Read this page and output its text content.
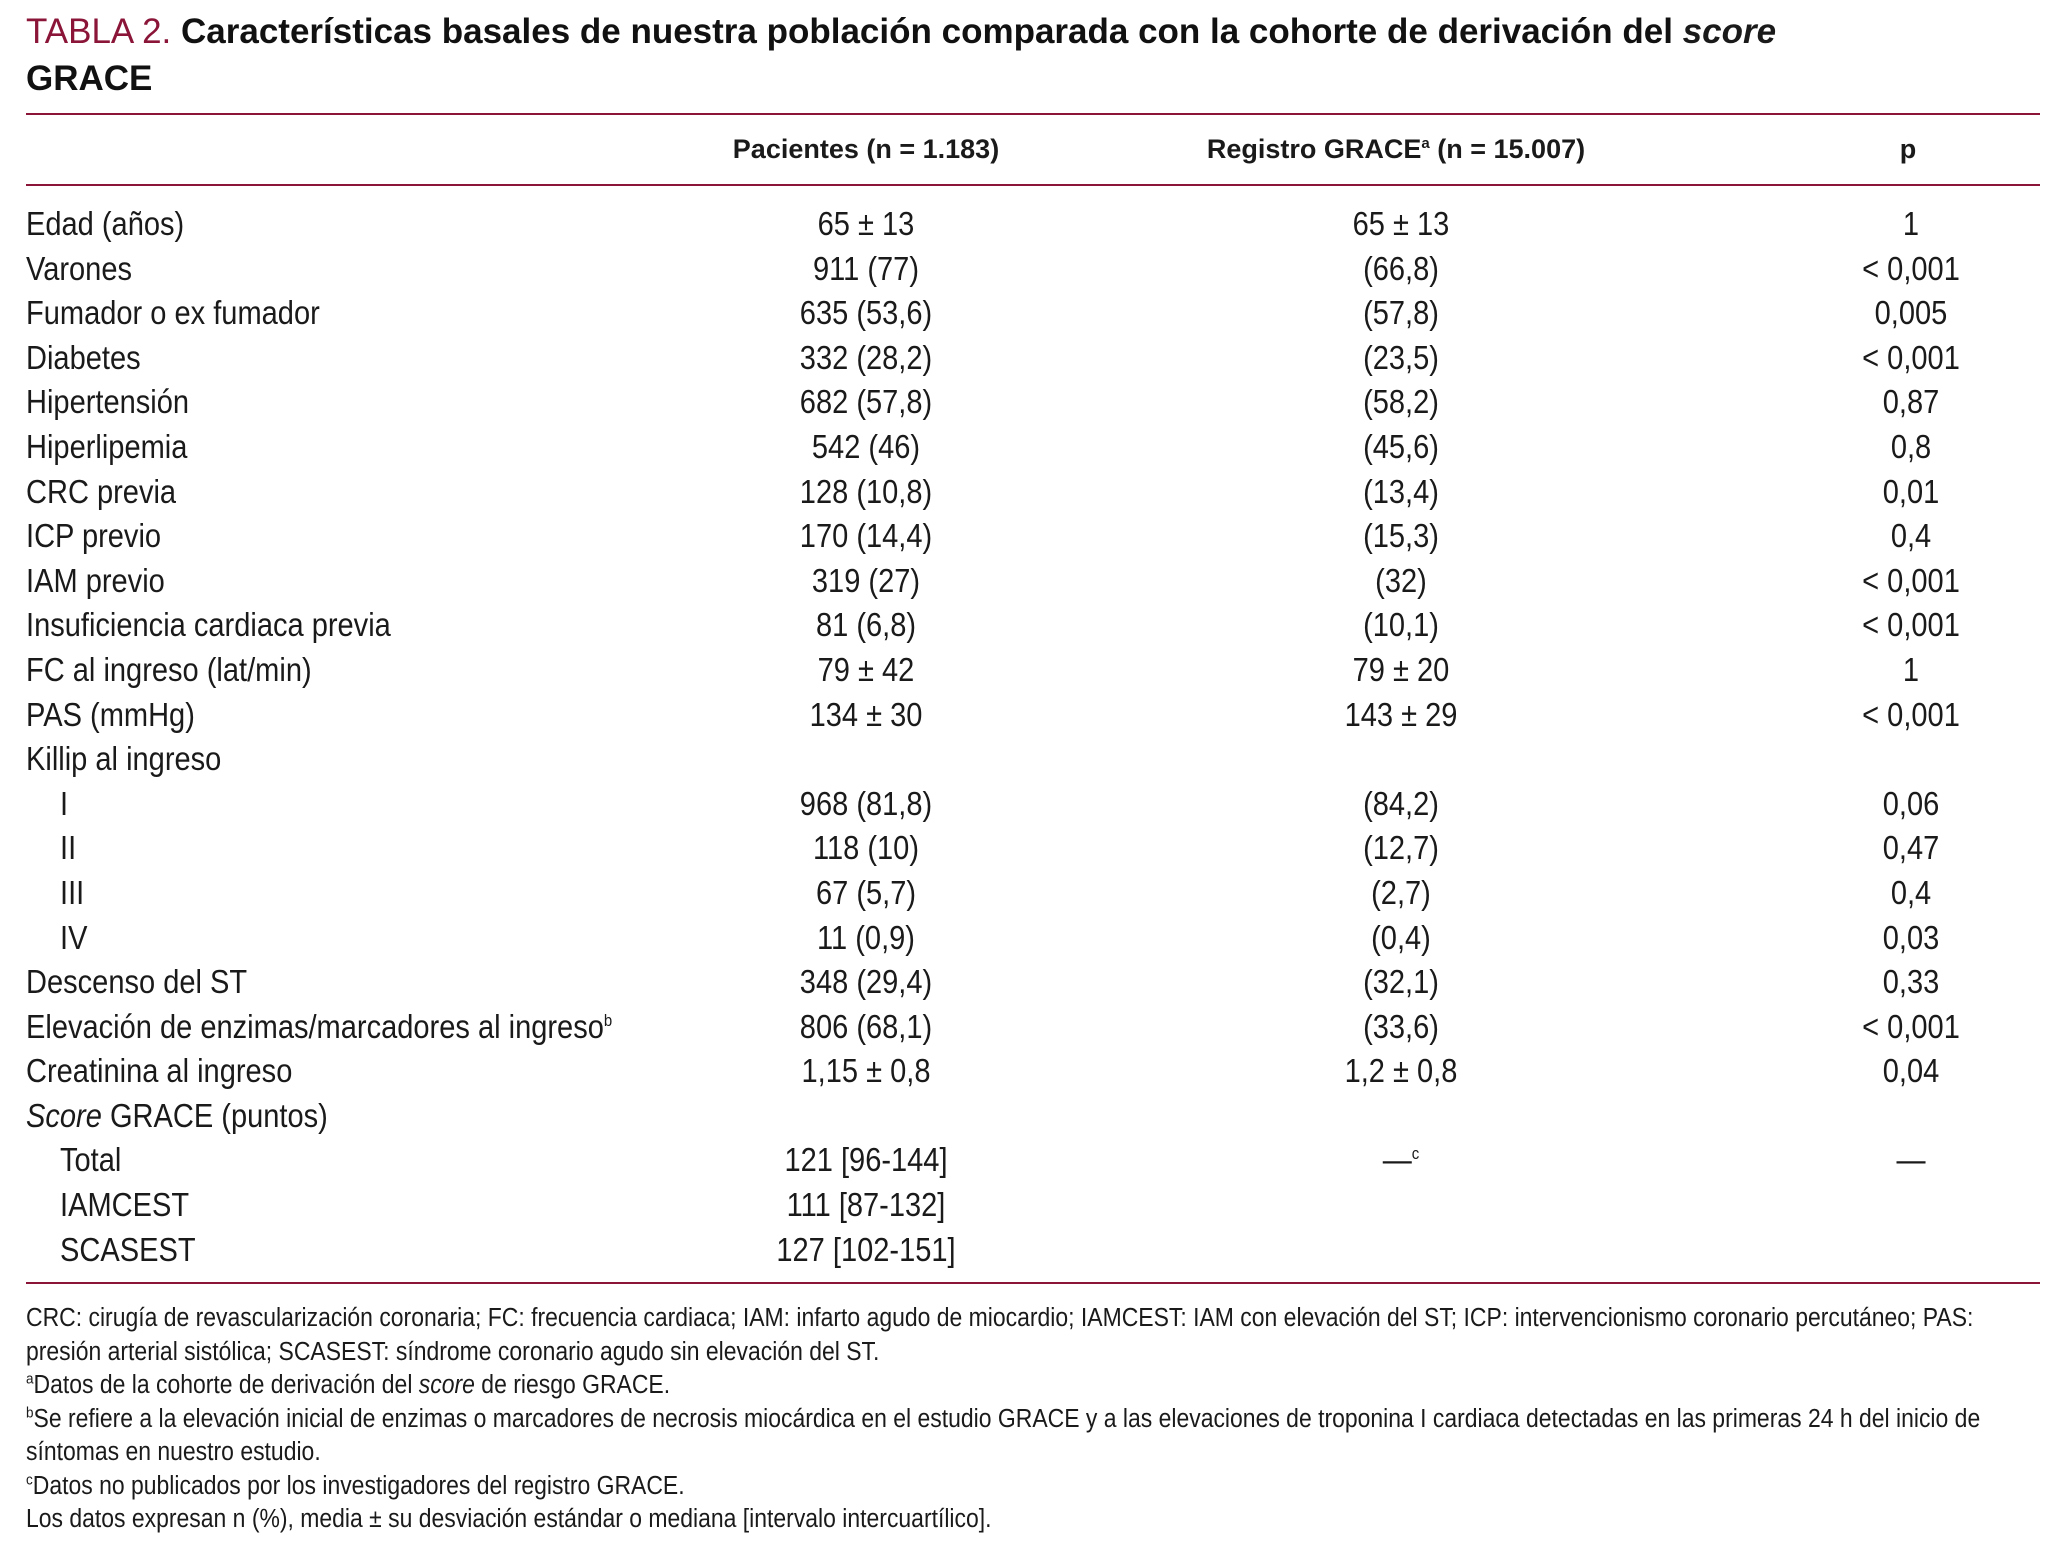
TABLA 2. Características basales de nuestra población comparada con la cohorte de derivación del score
GRACE
Pacientes (n = 1.183)	Registro GRACE$^a$ (n = 15.007)	p
Edad (años)	65 ± 13	65 ± 13	1
Varones	911 (77)	(66,8)	< 0,001
Fumador o ex fumador	635 (53,6)	(57,8)	0,005
Diabetes	332 (28,2)	(23,5)	< 0,001
Hipertensión	682 (57,8)	(58,2)	0,87
Hiperlipemia	542 (46)	(45,6)	0,8
CRC previa	128 (10,8)	(13,4)	0,01
ICP previo	170 (14,4)	(15,3)	0,4
IAM previo	319 (27)	(32)	< 0,001
Insuficiencia cardiaca previa	81 (6,8)	(10,1)	< 0,001
FC al ingreso (lat/min)	79 ± 42	79 ± 20	1
PAS (mmHg)	134 ± 30	143 ± 29	< 0,001
Killip al ingreso
I	968 (81,8)	(84,2)	0,06
II	118 (10)	(12,7)	0,47
III	67 (5,7)	(2,7)	0,4
IV	11 (0,9)	(0,4)	0,03
Descenso del ST	348 (29,4)	(32,1)	0,33
Elevación de enzimas/marcadores al ingreso$^b$	806 (68,1)	(33,6)	< 0,001
Creatinina al ingreso	1,15 ± 0,8	1,2 ± 0,8	0,04
Score GRACE (puntos)
Total	121 [96-144]	—$^c$	—
IAMCEST	111 [87-132]
SCASEST	127 [102-151]
CRC: cirugía de revascularización coronaria; FC: frecuencia cardiaca; IAM: infarto agudo de miocardio; IAMCEST: IAM con elevación del ST; ICP: intervencionismo coronario percutáneo; PAS: presión arterial sistólica; SCASEST: síndrome coronario agudo sin elevación del ST.
$^a$Datos de la cohorte de derivación del score de riesgo GRACE.
$^b$Se refiere a la elevación inicial de enzimas o marcadores de necrosis miocárdica en el estudio GRACE y a las elevaciones de troponina I cardiaca detectadas en las primeras 24 h del inicio de síntomas en nuestro estudio.
$^c$Datos no publicados por los investigadores del registro GRACE.
Los datos expresan n (%), media ± su desviación estándar o mediana [intervalo intercuartílico].
